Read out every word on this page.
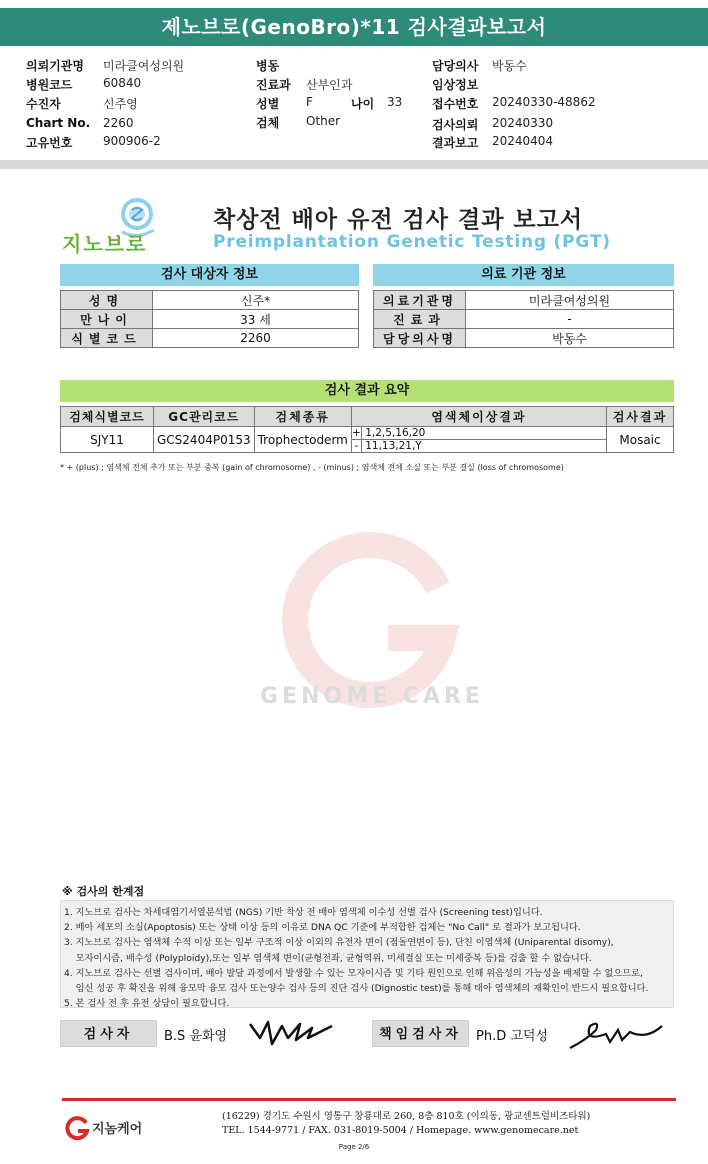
제노브로(GenoBro)*11 검사결과보고서
의뢰기관명 미라클여성의원
병원코드	60840
수진자	신주영
Chart No. 2260
고유번호	900906-2
병동
진료과 산부인과
성별 F	나이 33
검체 Other
담당의사 박동수
임상정보
접수번호 20240330-48862
검사의뢰 20240330
결과보고 20240404
지노브로
착상전 배아 유전 검사 결과 보고서
Preimplantation Genetic Testing (PGT)
검사 대상자 정보
성명	신주*
만나이	33 세
식별코드	2260
의료 기관 정보
의료기관명	미라클여성의원
진료과	-
담당의사명	박동수
검사 결과 요약
검체식별코드	GC관리코드	검체종류	염색체이상결과	검사결과
SJY11	GCS2404P0153	Trophectoderm	+ 1,2,5,16,20	Mosaic
			- 11,13,21,Y	
* + (plus) ; 염색체 전체 추가 또는 부분 중복 (gain of chromosome) , - (minus) ; 염색체 전체 소실 또는 부분 결실 (loss of chromosome)
GENOME CARE
※ 검사의 한계점
1. 지노브로 검사는 차세대염기서열분석법 (NGS) 기반 착상 전 배아 염색체 이수성 선별 검사 (Screening test)입니다.
2. 배아 세포의 소실(Apoptosis) 또는 상태 이상 등의 이유로 DNA QC 기준에 부적합한 검체는 "No Call" 로 결과가 보고됩니다.
3. 지노브로 검사는 염색체 수적 이상 또는 일부 구조적 이상 이외의 유전자 변이 (점돌연변이 등), 단친 이염색체 (Uniparental disomy),
모자이시즘, 배수성 (Polyploidy),또는 일부 염색체 변이(균형전좌, 균형역위, 미세결실 또는 미세중복 등)를 검출 할 수 없습니다.
4. 지노브로 검사는 선별 검사이며, 배아 발달 과정에서 발생할 수 있는 모자이시즘 및 기타 원인으로 인해 위음성의 가능성을 배제할 수 없으므로,
임신 성공 후 확진을 위해 융모막 융모 검사 또는양수 검사 등의 진단 검사 (Dignostic test)를 통해 태아 염색체의 재확인이 반드시 필요합니다.
5. 본 검사 전 후 유전 상담이 필요합니다.
검사자	B.S 윤화영	책임검사자	Ph.D 고덕성
지놈케어
(16229) 경기도 수원시 영통구 창룡대로 260, 8층 810호 (이의동, 광교센트럴비즈타워)
TEL. 1544-9771 / FAX. 031-8019-5004 / Homepage. www.genomecare.net
Page 2/6
